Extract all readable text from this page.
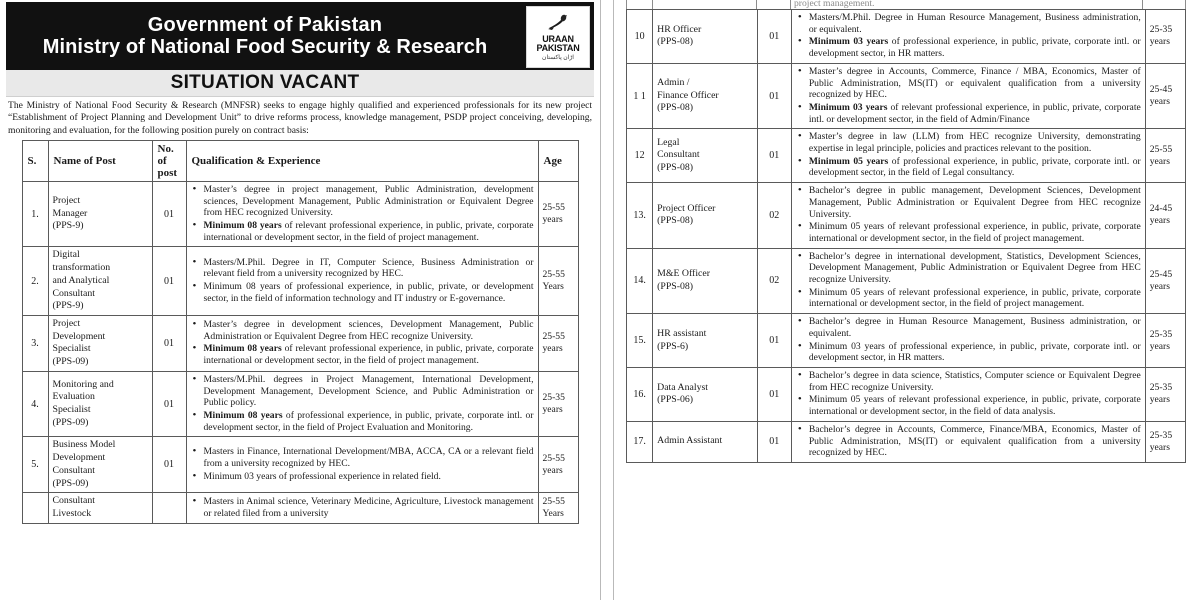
Government of Pakistan
Ministry of National Food Security & Research	URAAN
PAKISTAN
اڑان پاکستان
SITUATION VACANT

The Ministry of National Food Security & Research (MNFSR) seeks to engage highly qualified and experienced professionals for its new project “Establishment of Project Planning and Development Unit” to drive reforms process, knowledge management, PSDP project conceiving, developing, monitoring and evaluation, for the following position purely on contract basis:

S.	Name of Post	No.
of
post	Qualification & Experience	Age
1.	
Project
Manager
(PPS-9)
	01	
• Master’s degree in project management, Public Administration, development sciences, Development Management, Public Administration or Equivalent Degree from HEC recognized University.
• Minimum 08 years of relevant professional experience, in public, private, corporate international or development sector, in the field of project management.
	25-55 years
2.	
Digital
transformation
and Analytical
Consultant
(PPS-9)
	01	
• Masters/M.Phil. Degree in IT, Computer Science, Business Administration or relevant field from a university recognized by HEC.
• Minimum 08 years of professional experience, in public, private, or development sector, in the field of information technology and IT industry or E-governance.
	25-55 Years
3.	
Project
Development
Specialist
(PPS-09)
	01	
• Master’s degree in development sciences, Development Management, Public Administration or Equivalent Degree from HEC recognize University.
• Minimum 08 years of relevant professional experience, in public, private, corporate international or development sector, in the field of project management.
	25-55 years
4.	
Monitoring and
Evaluation
Specialist
(PPS-09)
	01	
• Masters/M.Phil. degrees in Project Management, International Development, Development Management, Development Science, and Public Administration or Public policy.
• Minimum 08 years of professional experience, in public, private, corporate intl. or development sector, in the field of Project Evaluation and Monitoring.
	25-35 years
5.	
Business Model
Development
Consultant
(PPS-09)
	01	
• Masters in Finance, International Development/MBA, ACCA, CA or a relevant field from a university recognized by HEC.
• Minimum 03 years of professional experience in related field.
	25-55 years

Consultant
Livestock

• Masters in Animal science, Veterinary Medicine, Agriculture, Livestock management or related filed from a university
	25-55 Years
project management.
10	
HR Officer
(PPS-08)	01	
• Masters/M.Phil. Degree in Human Resource Management, Business administration, or equivalent.
• Minimum 03 years of professional experience, in public, private, corporate intl. or development sector, in HR matters.
	25-35 years
1 1	
Admin /
Finance Officer
(PPS-08)
	01	
• Master’s degree in Accounts, Commerce, Finance / MBA, Economics, Master of Public Administration, MS(IT) or equivalent qualification from a university recognized by HEC.
• Minimum 03 years of relevant professional experience, in public, private, corporate intl. or development sector, in the field of Admin/Finance
	25-45 years
12	
Legal
Consultant
(PPS-08)
	01	
• Master’s degree in law (LLM) from HEC recognize University, demonstrating expertise in legal principle, policies and practices relevant to the position.
• Minimum 05 years of professional experience, in public, private, corporate intl. or development sector, in the field of Legal consultancy.
	25-55 years
13.	
Project Officer
(PPS-08)	02	
• Bachelor’s degree in public management, Development Sciences, Development Management, Public Administration or Equivalent Degree from HEC recognize University.
• Minimum 05 years of relevant professional experience, in public, private, corporate international or development sector, in the field of project management.
	24-45 years
14.	
M&E Officer
(PPS-08)	02	
• Bachelor’s degree in international development, Statistics, Development Sciences, Development Management, Public Administration or Equivalent Degree from HEC recognize University.
• Minimum 05 years of relevant professional experience, in public, private, corporate international or development sector, in the field of project management.
	25-45 years
15.	
HR assistant
(PPS-6)	01	
• Bachelor’s degree in Human Resource Management, Business administration, or equivalent.
• Minimum 03 years of professional experience, in public, private, corporate intl. or development sector, in HR matters.
	25-35 years
16.	
Data Analyst
(PPS-06)	01	
• Bachelor’s degree in data science, Statistics, Computer science or Equivalent Degree from HEC recognize University.
• Minimum 05 years of relevant professional experience, in public, private, corporate international or development sector, in the field of data analysis.
	25-35 years
17.	Admin Assistant	01	
• Bachelor’s degree in Accounts, Commerce, Finance/MBA, Economics, Master of Public Administration, MS(IT) or equivalent qualification from a university recognized by HEC.
	25-35 years
